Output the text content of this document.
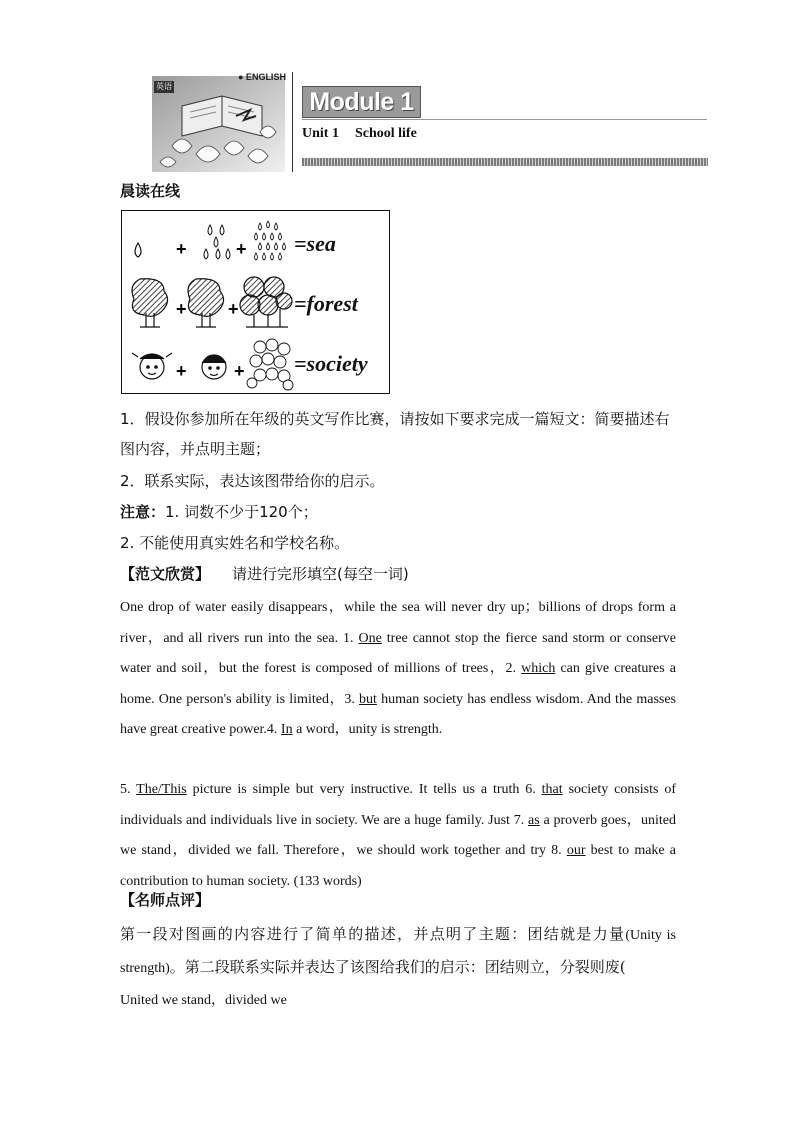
英语
● ENGLISH
Module 1
Unit 1 School life
晨读在线
+	+ =sea
+ +	=forest
+	+ =society
1．假设你参加所在年级的英文写作比赛，请按如下要求完成一篇短文：简要描述右图内容，并点明主题；
2．联系实际，表达该图带给你的启示。
注意：1. 词数不少于120个；
2. 不能使用真实姓名和学校名称。
【范文欣赏】 请进行完形填空(每空一词)
One drop of water easily disappears，while the sea will never dry up；billions of drops form a river，and all rivers run into the sea. 1. One tree cannot stop the fierce sand storm or conserve water and soil，but the forest is composed of millions of trees，2. which can give creatures a home. One person's ability is limited，3. but human society has endless wisdom. And the masses have great creative power.4. In a word，unity is strength.
5. The/This picture is simple but very instructive. It tells us a truth 6. that society consists of individuals and individuals live in society. We are a huge family. Just 7. as a proverb goes，united we stand，divided we fall. Therefore，we should work together and try 8. our best to make a contribution to human society. (133 words)
【名师点评】
第一段对图画的内容进行了简单的描述，并点明了主题：团结就是力量(Unity is strength)。第二段联系实际并表达了该图给我们的启示：团结则立，分裂则废(
United we stand，divided we
